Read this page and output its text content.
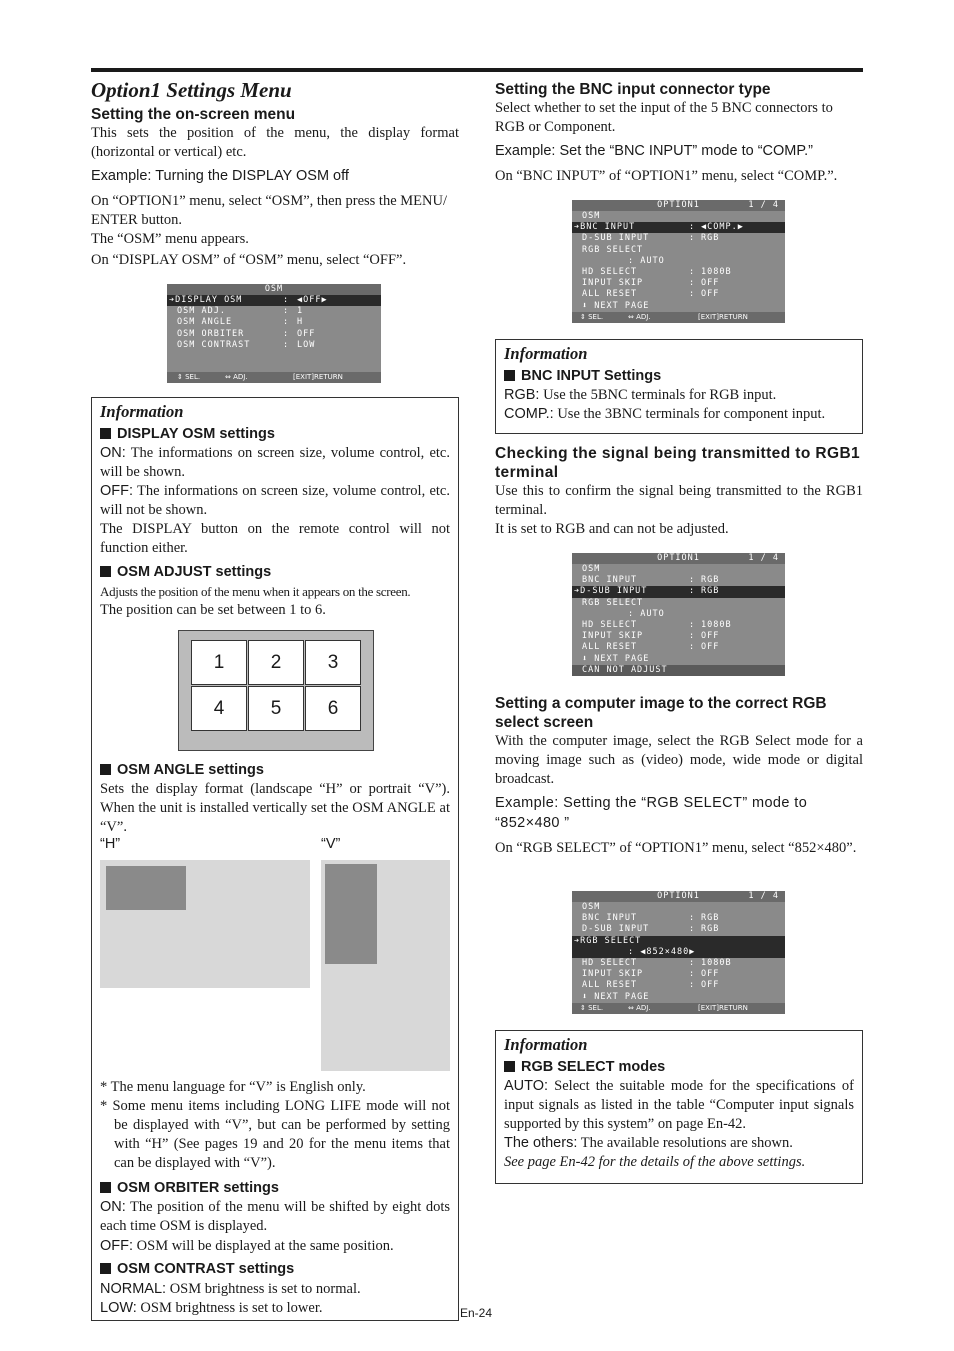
Option1 Settings Menu
Setting the on-screen menu

This sets the position of the menu, the display format (horizontal or vertical) etc.

Example: Turning the DISPLAY OSM off

On “OPTION1” menu, select “OSM”, then press the MENU/ ENTER button.

The “OSM” menu appears.

On “DISPLAY OSM” of “OSM” menu, select “OFF”.

OSM
➔DISPLAY OSM	: ◀OFF▶
OSM ADJ.	: 1
OSM ANGLE	: H
OSM ORBITER	: OFF
OSM CONTRAST	: LOW
⇕ SEL.	⇔ ADJ.	[EXIT]RETURN
Information
DISPLAY OSM settings

ON: The informations on screen size, volume control, etc. will be shown.

OFF: The informations on screen size, volume control, etc. will not be shown.

The DISPLAY button on the remote control will not function either.

OSM ADJUST settings

Adjusts the position of the menu when it appears on the screen.

The position can be set between 1 to 6.

1	2	3
4	5	6
OSM ANGLE settings

Sets the display format (landscape “H” or portrait “V”). When the unit is installed vertically set the OSM ANGLE at “V”.

“H”	“V”

* The menu language for “V” is English only.

* Some menu items including LONG LIFE mode will not be displayed with “V”, but can be performed by setting with “H” (See pages 19 and 20 for the menu items that can be displayed with “V”).

OSM ORBITER settings

ON: The position of the menu will be shifted by eight dots each time OSM is displayed.

OFF: OSM will be displayed at the same position.

OSM CONTRAST settings

NORMAL: OSM brightness is set to normal.

LOW: OSM brightness is set to lower.

Setting the BNC input connector type

Select whether to set the input of the 5 BNC connectors to RGB or Component.

Example: Set the “BNC INPUT” mode to “COMP.”

On “BNC INPUT” of “OPTION1” menu, select “COMP.”.

OPTION1	1 / 4
OSM
➔BNC INPUT	: ◀COMP.▶
D-SUB INPUT	: RGB
RGB SELECT
: AUTO
HD SELECT	: 1080B
INPUT SKIP	: OFF
ALL RESET	: OFF
⬇ NEXT PAGE
⇕ SEL.	⇔ ADJ.	[EXIT]RETURN
Information
BNC INPUT Settings

RGB: Use the 5BNC terminals for RGB input.

COMP.: Use the 3BNC terminals for component input.

Checking the signal being transmitted to RGB1 terminal

Use this to confirm the signal being transmitted to the RGB1 terminal.

It is set to RGB and can not be adjusted.

OPTION1	1 / 4
OSM
BNC INPUT	: RGB
➔D-SUB INPUT	: RGB
RGB SELECT
: AUTO
HD SELECT	: 1080B
INPUT SKIP	: OFF
ALL RESET	: OFF
⬇ NEXT PAGE
CAN NOT ADJUST
Setting a computer image to the correct RGB select screen

With the computer image, select the RGB Select mode for a moving image such as (video) mode, wide mode or digital broadcast.

Example: Setting the “RGB SELECT” mode to “852×480 ”

On “RGB SELECT” of “OPTION1” menu, select “852×480”.

OPTION1	1 / 4
OSM
BNC INPUT	: RGB
D-SUB INPUT	: RGB
➔RGB SELECT
: ◀852×480▶
HD SELECT	: 1080B
INPUT SKIP	: OFF
ALL RESET	: OFF
⬇ NEXT PAGE
⇕ SEL.	⇔ ADJ.	[EXIT]RETURN
Information
RGB SELECT modes

AUTO: Select the suitable mode for the specifications of input signals as listed in the table “Computer input signals supported by this system” on page En-42.

The others: The available resolutions are shown.

See page En-42 for the details of the above settings.

En-24
